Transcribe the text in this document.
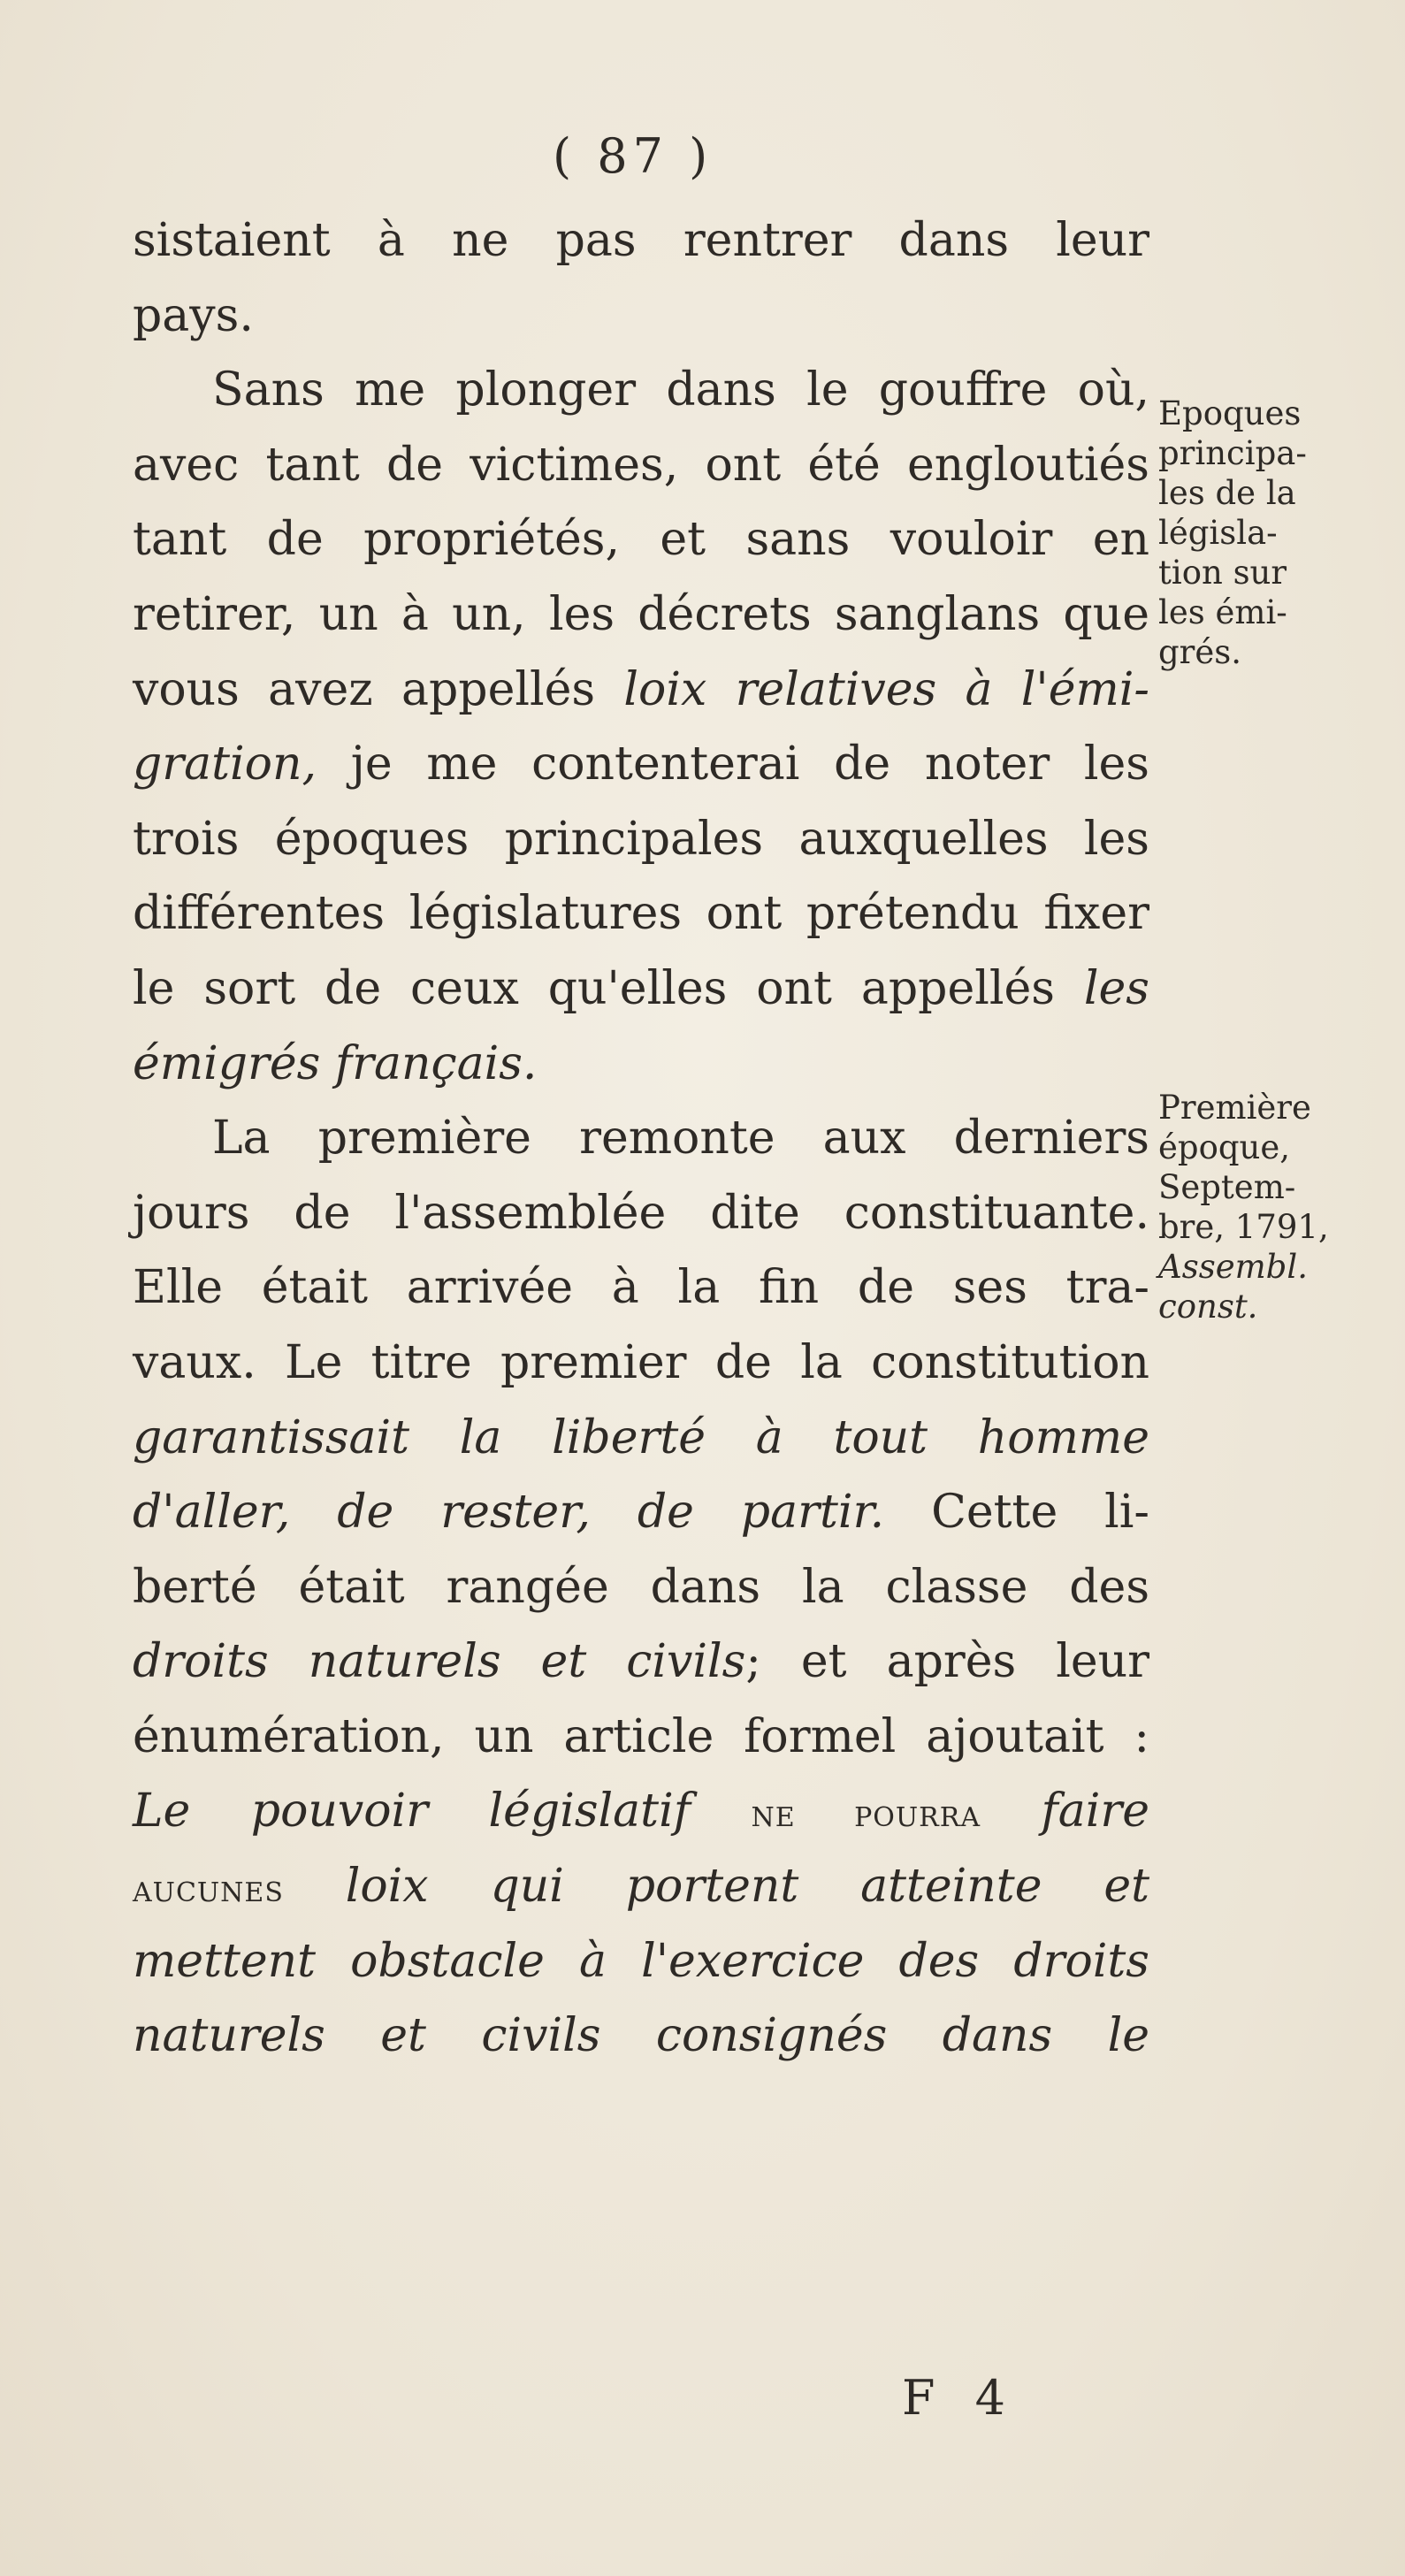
( 87 )
sistaient à ne pas rentrer dans leur
pays.
Sans me plonger dans le gouffre où,
avec tant de victimes, ont été engloutiés
tant de propriétés, et sans vouloir en
retirer, un à un, les décrets sanglans que
vous avez appellés loix relatives à l'émi-
gration, je me contenterai de noter les
trois époques principales auxquelles les
différentes législatures ont prétendu fixer
le sort de ceux qu'elles ont appellés les
émigrés français.
La première remonte aux derniers
jours de l'assemblée dite constituante.
Elle était arrivée à la fin de ses tra-
vaux. Le titre premier de la constitution
garantissait la liberté à tout homme
d'aller, de rester, de partir. Cette li-
berté était rangée dans la classe des
droits naturels et civils; et après leur
énumération, un article formel ajoutait :
Le pouvoir législatif ne pourra faire
aucunes loix qui portent atteinte et
mettent obstacle à l'exercice des droits
naturels et civils consignés dans le
Epoques
principa-
les de la
législa-
tion sur
les émi-
grés.
Première
époque,
Septem-
bre, 1791,
Assembl.
const.
F 4
